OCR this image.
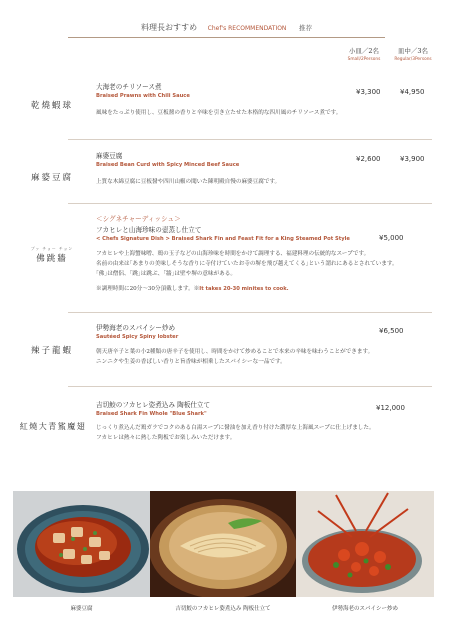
料理長おすすめ Chef's RECOMMENDATION 推荐
小皿／2名
Small/2Persons
皿中／3名
Regular/3Persons
乾燒蝦球
大海老のチリソース煮
Braised Prawns with Chili Sauce
風味をたっぷり使用し、豆板醤の香りと辛味を引き立たせた本格的な四川風のチリソース煮です。
¥3,300	¥4,950
麻婆豆腐
麻婆豆腐
Braised Bean Curd with Spicy Minced Beef Sauce
上質な木綿豆腐に豆板醤や四川山椒の聞いた陳明殿自慢の麻婆豆腐です。
¥2,600	¥3,900
ブッ チョー チョン
佛跳牆
＜シグネチャーディッシュ＞
フカヒレと山海珍味の壺蒸し仕立て
< Chefs Signature Dish > Braised Shark Fin and Feast Fit for a King Steamed Pot Style
フカヒレや上海蟹味噌、鶏の玉子などの山海珍味を時間をかけて調理する、福建料理の伝統的なスープです。
名前の由来は｢あまりの美味しそうな香りに寺付けていたお寺の塀を飛び越えてくる｣という謂れにあるとされています。
｢佛｣は僧侶、｢跳｣は跳ぶ、｢牆｣は壁や塀の意味がある。
※調理時間に20分～30分頂戴します。※It takes 20-30 minites to cook.
¥5,000
辣子龍蝦
伊勢海老のスパイシー炒め
Sautéed Spicy Spiny lobster
朝天唐辛子と葉の小2種類の唐辛子を使用し、時間をかけて炒めることで本来の辛味を味わうことができます。
ニンニクや生姜の香ばしい香りと旨香味が相乗したスパイシーな一品です。
¥6,500
紅燒大青鯊魔翅
吉切鮫のフカヒレ姿煮込み 陶板仕立て
Braised Shark Fin Whole "Blue Shark"
じっくり煮込んだ鶏ガラでコクのある白湯スープに醤油を加え香り付けた濃厚な上海風スープに仕上げました。
フカヒレは熱々に熱した陶板でお楽しみいただけます。
¥12,000
麻婆豆腐	吉切鮫のフカヒレ姿煮込み 陶板仕立て	伊勢海老のスパイシー炒め
